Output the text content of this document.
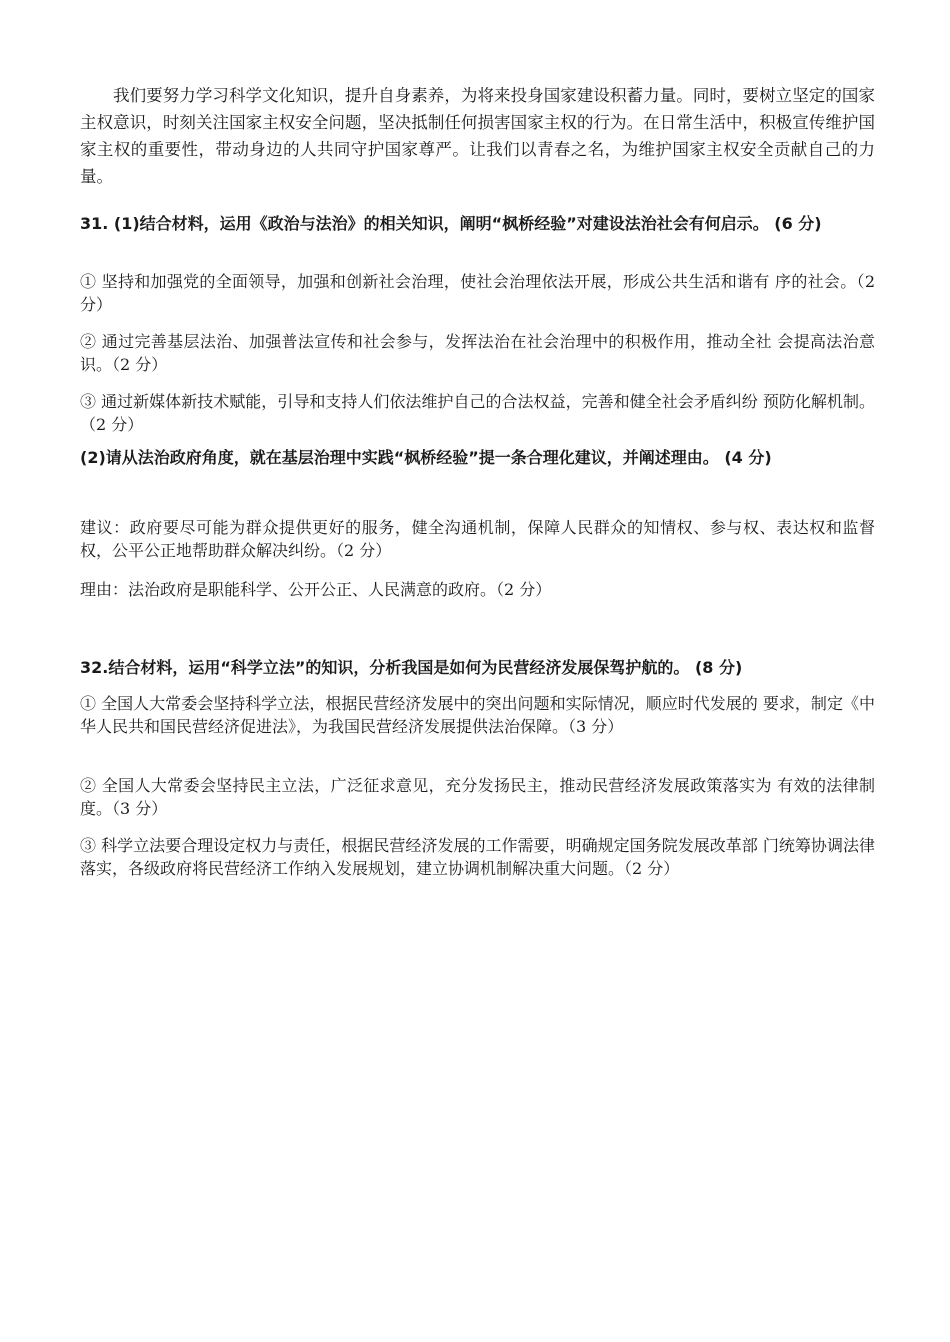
我们要努力学习科学文化知识，提升自身素养，为将来投身国家建设积蓄力量。同时，要树立坚定的国家主权意识，时刻关注国家主权安全问题，坚决抵制任何损害国家主权的行为。在日常生活中，积极宣传维护国家主权的重要性，带动身边的人共同守护国家尊严。让我们以青春之名，为维护国家主权安全贡献自己的力量。

31. (1)结合材料，运用《政治与法治》的相关知识，阐明“枫桥经验”对建设法治社会有何启示。 (6 分)

① 坚持和加强党的全面领导，加强和创新社会治理，使社会治理依法开展，形成公共生活和谐有 序的社会。（2 分）

② 通过完善基层法治、加强普法宣传和社会参与，发挥法治在社会治理中的积极作用，推动全社 会提高法治意识。（2 分）

③ 通过新媒体新技术赋能，引导和支持人们依法维护自己的合法权益，完善和健全社会矛盾纠纷 预防化解机制。（2 分）

(2)请从法治政府角度，就在基层治理中实践“枫桥经验”提一条合理化建议，并阐述理由。 (4 分)

建议：政府要尽可能为群众提供更好的服务，健全沟通机制，保障人民群众的知情权、参与权、表达权和监督权，公平公正地帮助群众解决纠纷。（2 分）

理由：法治政府是职能科学、公开公正、人民满意的政府。（2 分）

32.结合材料，运用“科学立法”的知识，分析我国是如何为民营经济发展保驾护航的。 (8 分)

① 全国人大常委会坚持科学立法，根据民营经济发展中的突出问题和实际情况，顺应时代发展的 要求，制定《中华人民共和国民营经济促进法》，为我国民营经济发展提供法治保障。（3 分）

② 全国人大常委会坚持民主立法，广泛征求意见，充分发扬民主，推动民营经济发展政策落实为 有效的法律制度。（3 分）

③ 科学立法要合理设定权力与责任，根据民营经济发展的工作需要，明确规定国务院发展改革部 门统筹协调法律落实，各级政府将民营经济工作纳入发展规划，建立协调机制解决重大问题。（2 分）
